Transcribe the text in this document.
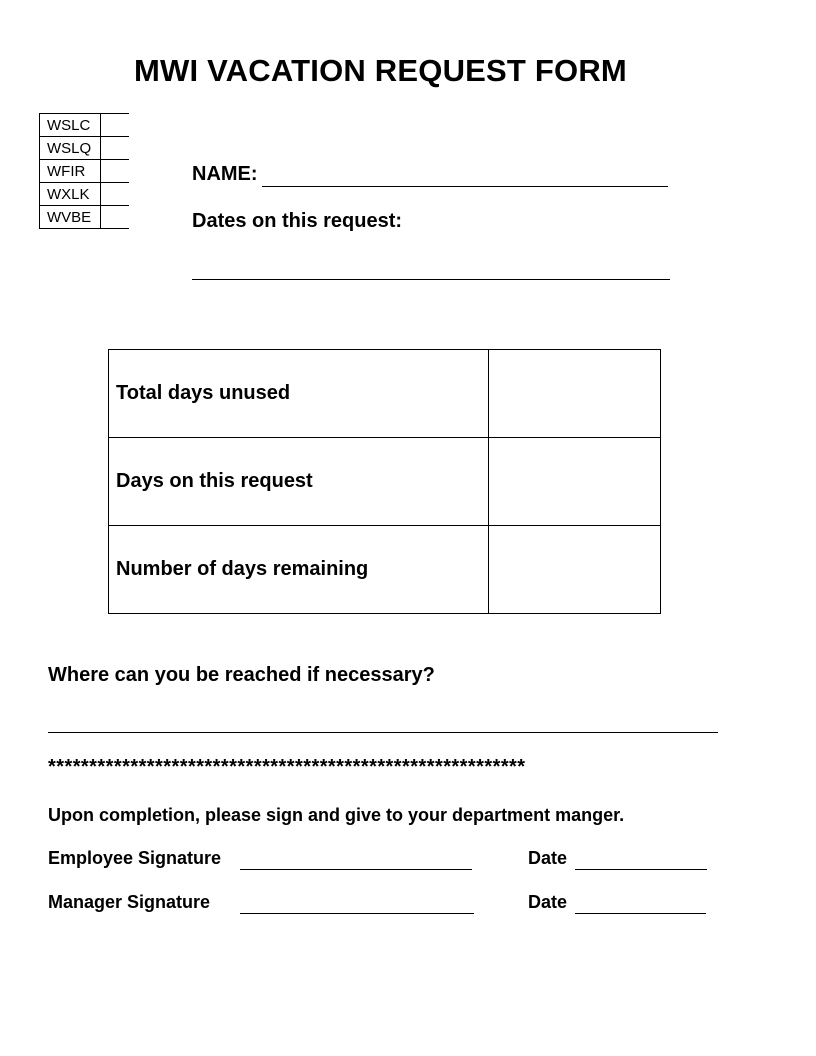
MWI VACATION REQUEST FORM
WSLC	
WSLQ	
WFIR	
WXLK	
WVBE	
NAME:
Dates on this request:
Total days unused	
Days on this request	
Number of days remaining	
Where can you be reached if necessary?
**********************************************************
Upon completion, please sign and give to your department manger.
Employee Signature	Date
Manager Signature	Date
